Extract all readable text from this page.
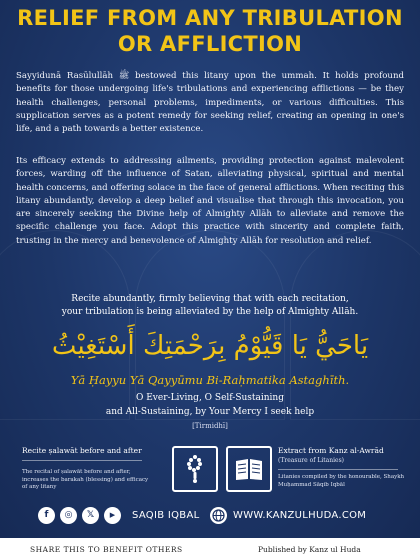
RELIEF FROM ANY TRIBULATION OR AFFLICTION

Sayyidunā Rasūlullāh ﷺ bestowed this litany upon the ummah. It holds profound benefits for those undergoing life's tribulations and experiencing afflictions — be they health challenges, personal problems, impediments, or various difficulties. This supplication serves as a potent remedy for seeking relief, creating an opening in one's life, and a path towards a better existence.

Its efficacy extends to addressing ailments, providing protection against malevolent forces, warding off the influence of Satan, alleviating physical, spiritual and mental health concerns, and offering solace in the face of general afflictions. When reciting this litany abundantly, develop a deep belief and visualise that through this invocation, you are sincerely seeking the Divine help of Almighty Allāh to alleviate and remove the specific challenge you face. Adopt this practice with sincerity and complete faith, trusting in the mercy and benevolence of Almighty Allāh for resolution and relief.

Recite abundantly, firmly believing that with each recitation,
your tribulation is being alleviated by the help of Almighty Allāh.
يَاحَيُّ يَا قَيُّوْمُ بِرَحْمَتِكَ أَسْتَغِيْثُ
Yā Ḥayyu Yā Qayyūmu Bi-Raḥmatika Astaghīth.
O Ever-Living, O Self-Sustaining
and All-Sustaining, by Your Mercy I seek help
[Tirmidhī]
Recite ṣalawāt before and after
The recital of ṣalawāt before and after, increases the barakah (blessing) and efficacy of any litany
Extract from Kanz al-Awrād
(Treasure of Litanies)
Litanies compiled by the honourable, Shaykh Muḥammad Sāqib Iqbāl
f	◎	𝕏	▶	SAQIB IQBAL	WWW.KANZULHUDA.COM
SHARE THIS TO BENEFIT OTHERS	Published by Kanz ul Huda
